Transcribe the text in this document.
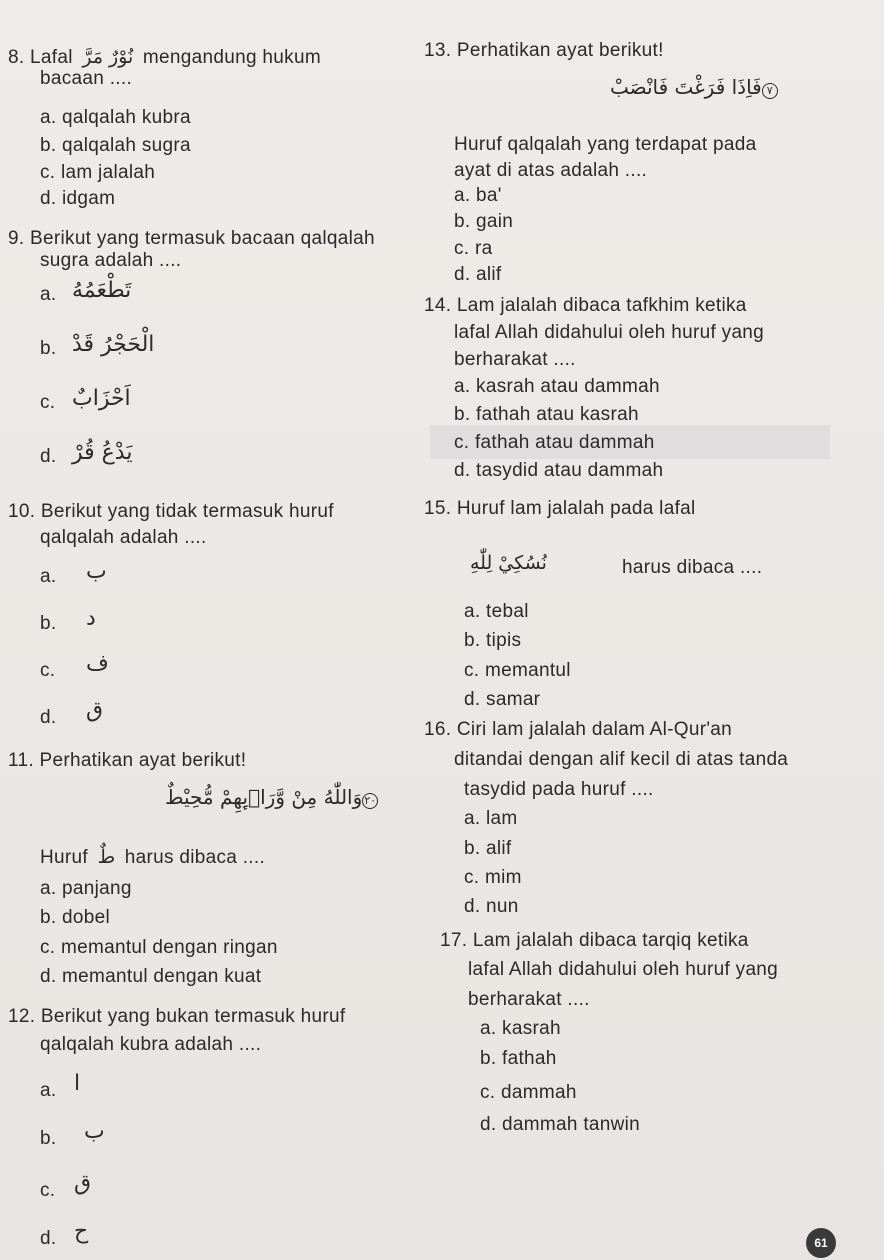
8. Lafal نُوْرٌ مَرَّ mengandung hukum
bacaan ....
a. qalqalah kubra
b. qalqalah sugra
c. lam jalalah
d. idgam
9. Berikut yang termasuk bacaan qalqalah
sugra adalah ....
a. تَطْعَمُهُ
b. الْحَجْرُ قَدْ
c. اَحْزَابٌ
d. يَدْعُ قُرْ
10. Berikut yang tidak termasuk huruf
qalqalah adalah ....
a. ب
b. د
c. ف
d. ق
11. Perhatikan ayat berikut!
٢٠وَاللّٰهُ مِنْ وَّرَاۤىِٕهِمْ مُّحِيْطٌ
Huruf طٌ harus dibaca ....
a. panjang
b. dobel
c. memantul dengan ringan
d. memantul dengan kuat
12. Berikut yang bukan termasuk huruf
qalqalah kubra adalah ....
a. ا
b. ب
c. ق
d. ح
13. Perhatikan ayat berikut!
٧فَاِذَا فَرَغْتَ فَانْصَبْ
Huruf qalqalah yang terdapat pada
ayat di atas adalah ....
a. ba'
b. gain
c. ra
d. alif
14. Lam jalalah dibaca tafkhim ketika
lafal Allah didahului oleh huruf yang
berharakat ....
a. kasrah atau dammah
b. fathah atau kasrah
c. fathah atau dammah
d. tasydid atau dammah
15. Huruf lam jalalah pada lafal
نُسُكِيْ لِلّٰهِ	harus dibaca ....
a. tebal
b. tipis
c. memantul
d. samar
16. Ciri lam jalalah dalam Al-Qur'an
ditandai dengan alif kecil di atas tanda
tasydid pada huruf ....
a. lam
b. alif
c. mim
d. nun
17. Lam jalalah dibaca tarqiq ketika
lafal Allah didahului oleh huruf yang
berharakat ....
a. kasrah
b. fathah
c. dammah
d. dammah tanwin
61
